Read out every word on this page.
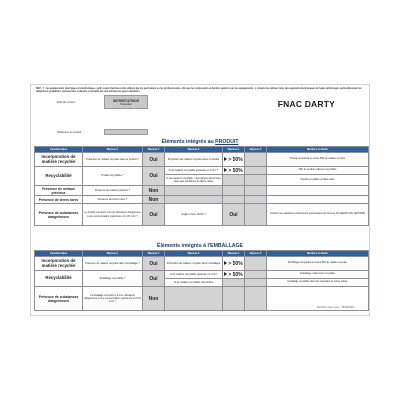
REP - Y : les équipements électriques et électroniques, qu'ils soient destinés à être utilisés par les particuliers ou les professionnels, afin que les composants et déchets générés par ces équipements, y compris les métaux rares des appareils électroniques de haute technologie, particulièrement les téléphones et tablettes, puissent être collectés et retraités par des entreprises après utilisation
FNAC DARTY
EAN du produit :	5070007479315
Prétendant
Référence du produit :
Éléments intégrés au PRODUIT
Caractéristique	Réponse 1	Réponse 2	Réponse 3	Réponse 4	Réponse 5	Mentions et détails
Incorporation de matière recyclée	Présence de matière recyclée dans le produit ?	Oui	Proportion de matière recyclée dans le produit	> 50%		Produit comportant au moins 50% de matière recyclée
Recyclabilité	Produit recyclable ?	Oui	% de matière recyclable générale en m³/m³ ?	> 50%		50% du produit réellement recyclable
			% de matière recyclable / réemployée démontrée dans des conditions de filière réelle			Produit recyclable en filière réelle
Présence de métaux précieux	Présence de métaux précieux ?	Non				
Présence de terres rares	Présence de terres rares ?	Non				
Présence de substances dangereuses	Le produit comporte-t-il une substance dangereuse à une concentration supérieure à 0,1% m/m ?	Oui	S'agit-il d'une SVHC ?	Oui		Contient une substance extrêmement préoccupante de l'Annexe XIV REACH (CE 1907/2006)
Éléments intégrés à l'EMBALLAGE
Caractéristique	Réponse 1	Réponse 2	Réponse 3	Réponse 4	Réponse 5	Mentions et détails
Incorporation de matière recyclée	Présence de matière recyclée dans l'emballage ?	Oui	Proportion de matière recyclée dans l'emballage	> 50%		Emballage comportant au moins 50% de matière recyclée
Recyclabilité	Emballage recyclable ?	Oui	% de matière recyclable générale en m³/m³	> 50%		Emballage entièrement recyclable
			% de matière recyclable démontrée			Emballage recyclable dans des matériaux de même nature
Présence de substances dangereuses	L'emballage comporte-t-il une substance dangereuse à une concentration supérieure à 0,1% m/m ?	Non				
Dernière mise à jour : 22/03/2023
